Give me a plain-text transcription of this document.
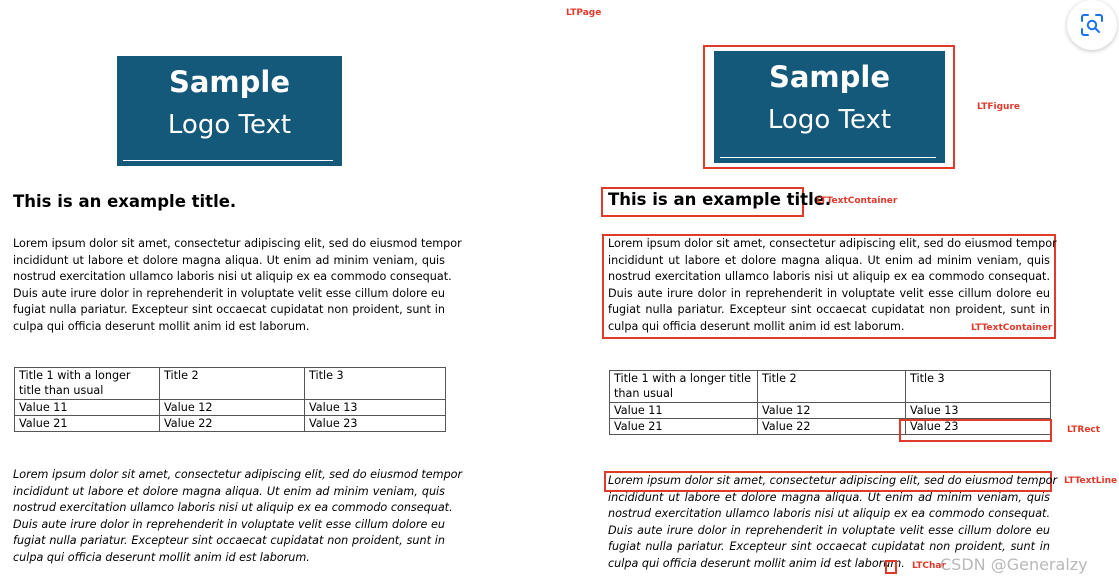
LTPage
Sample
Logo Text
This is an example title.
Lorem ipsum dolor sit amet, consectetur adipiscing elit, sed do eiusmod tempor
incididunt ut labore et dolore magna aliqua. Ut enim ad minim veniam, quis
nostrud exercitation ullamco laboris nisi ut aliquip ex ea commodo consequat.
Duis aute irure dolor in reprehenderit in voluptate velit esse cillum dolore eu
fugiat nulla pariatur. Excepteur sint occaecat cupidatat non proident, sunt in
culpa qui officia deserunt mollit anim id est laborum.
Title 1 with a longer title than usual	Title 2	Title 3
Value 11	Value 12	Value 13
Value 21	Value 22	Value 23
Lorem ipsum dolor sit amet, consectetur adipiscing elit, sed do eiusmod tempor
incididunt ut labore et dolore magna aliqua. Ut enim ad minim veniam, quis
nostrud exercitation ullamco laboris nisi ut aliquip ex ea commodo consequat.
Duis aute irure dolor in reprehenderit in voluptate velit esse cillum dolore eu
fugiat nulla pariatur. Excepteur sint occaecat cupidatat non proident, sunt in
culpa qui officia deserunt mollit anim id est laborum.
Sample
Logo Text	LTFigure
This is an example title.
LTTextContainer
Lorem ipsum dolor sit amet, consectetur adipiscing elit, sed do eiusmod tempor
incididunt ut labore et dolore magna aliqua. Ut enim ad minim veniam, quis
nostrud exercitation ullamco laboris nisi ut aliquip ex ea commodo consequat.
Duis aute irure dolor in reprehenderit in voluptate velit esse cillum dolore eu
fugiat nulla pariatur. Excepteur sint occaecat cupidatat non proident, sunt in
culpa qui officia deserunt mollit anim id est laborum.	LTTextContainer
Title 1 with a longer title than usual	Title 2	Title 3
Value 11	Value 12	Value 13
Value 21	Value 22	Value 23	LTRect
Lorem ipsum dolor sit amet, consectetur adipiscing elit, sed do eiusmod tempor
incididunt ut labore et dolore magna aliqua. Ut enim ad minim veniam, quis
nostrud exercitation ullamco laboris nisi ut aliquip ex ea commodo consequat.
Duis aute irure dolor in reprehenderit in voluptate velit esse cillum dolore eu
fugiat nulla pariatur. Excepteur sint occaecat cupidatat non proident, sunt in
culpa qui officia deserunt mollit anim id est laborum.
LTTextLine
LTChar
CSDN @Generalzy
